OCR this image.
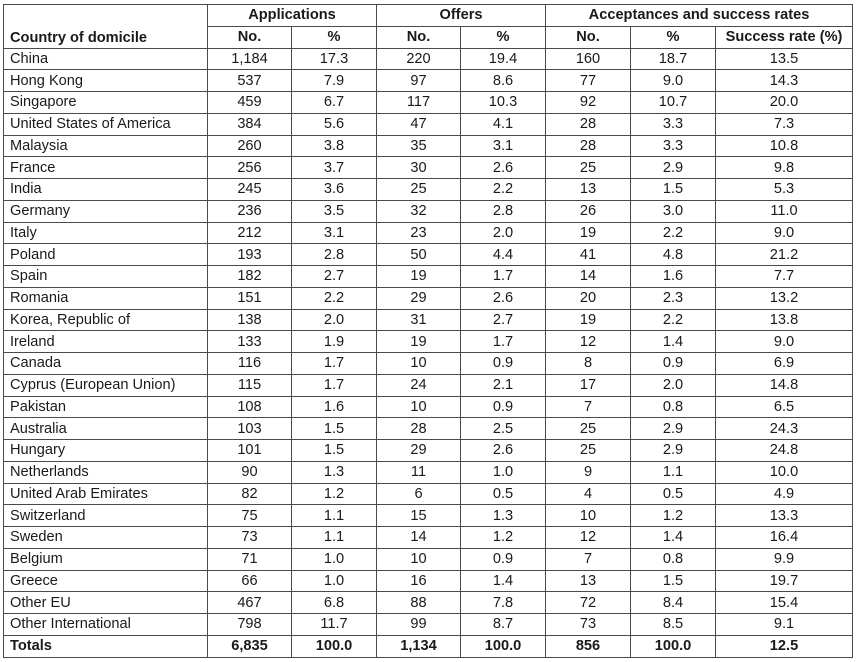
Country of domicile	Applications		Offers		Acceptances and success rates		
	No.	%	No.	%	No.	%	Success rate (%)
China	1,184	17.3	220	19.4	160	18.7	13.5
Hong Kong	537	7.9	97	8.6	77	9.0	14.3
Singapore	459	6.7	117	10.3	92	10.7	20.0
United States of America	384	5.6	47	4.1	28	3.3	7.3
Malaysia	260	3.8	35	3.1	28	3.3	10.8
France	256	3.7	30	2.6	25	2.9	9.8
India	245	3.6	25	2.2	13	1.5	5.3
Germany	236	3.5	32	2.8	26	3.0	11.0
Italy	212	3.1	23	2.0	19	2.2	9.0
Poland	193	2.8	50	4.4	41	4.8	21.2
Spain	182	2.7	19	1.7	14	1.6	7.7
Romania	151	2.2	29	2.6	20	2.3	13.2
Korea, Republic of	138	2.0	31	2.7	19	2.2	13.8
Ireland	133	1.9	19	1.7	12	1.4	9.0
Canada	116	1.7	10	0.9	8	0.9	6.9
Cyprus (European Union)	115	1.7	24	2.1	17	2.0	14.8
Pakistan	108	1.6	10	0.9	7	0.8	6.5
Australia	103	1.5	28	2.5	25	2.9	24.3
Hungary	101	1.5	29	2.6	25	2.9	24.8
Netherlands	90	1.3	11	1.0	9	1.1	10.0
United Arab Emirates	82	1.2	6	0.5	4	0.5	4.9
Switzerland	75	1.1	15	1.3	10	1.2	13.3
Sweden	73	1.1	14	1.2	12	1.4	16.4
Belgium	71	1.0	10	0.9	7	0.8	9.9
Greece	66	1.0	16	1.4	13	1.5	19.7
Other EU	467	6.8	88	7.8	72	8.4	15.4
Other International	798	11.7	99	8.7	73	8.5	9.1
Totals	6,835	100.0	1,134	100.0	856	100.0	12.5
